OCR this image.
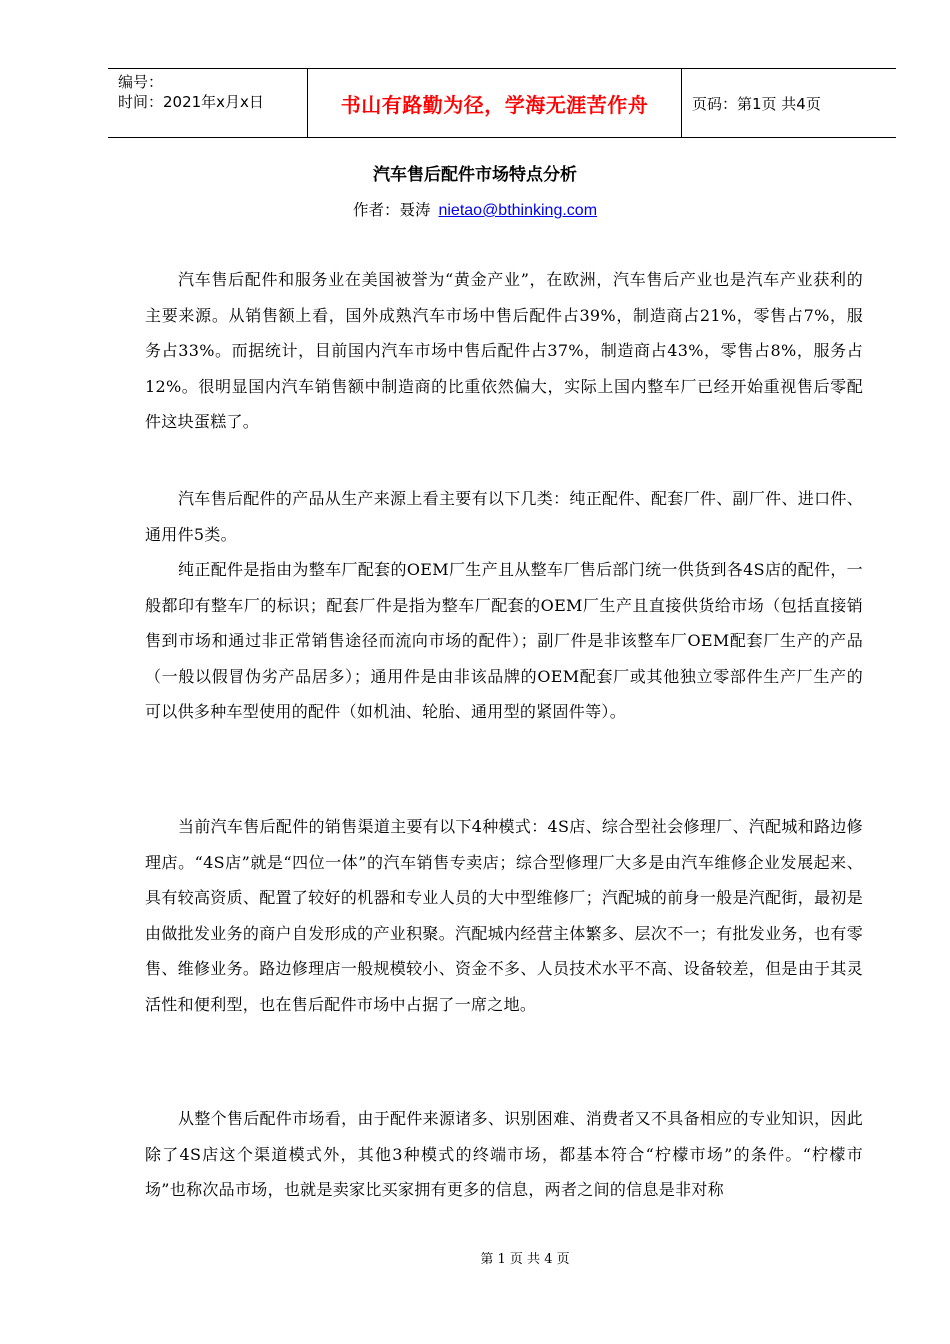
编号：
时间：2021年x月x日	书山有路勤为径，学海无涯苦作舟	页码：第1页 共4页
汽车售后配件市场特点分析
作者：聂涛 nietao@bthinking.com

汽车售后配件和服务业在美国被誉为“黄金产业”，在欧洲，汽车售后产业也是汽车产业获利的主要来源。从销售额上看，国外成熟汽车市场中售后配件占39%，制造商占21%，零售占7%，服务占33%。而据统计，目前国内汽车市场中售后配件占37%，制造商占43%，零售占8%，服务占12%。很明显国内汽车销售额中制造商的比重依然偏大，实际上国内整车厂已经开始重视售后零配件这块蛋糕了。

汽车售后配件的产品从生产来源上看主要有以下几类：纯正配件、配套厂件、副厂件、进口件、通用件5类。

纯正配件是指由为整车厂配套的OEM厂生产且从整车厂售后部门统一供货到各4S店的配件，一般都印有整车厂的标识；配套厂件是指为整车厂配套的OEM厂生产且直接供货给市场（包括直接销售到市场和通过非正常销售途径而流向市场的配件）；副厂件是非该整车厂OEM配套厂生产的产品（一般以假冒伪劣产品居多）；通用件是由非该品牌的OEM配套厂或其他独立零部件生产厂生产的可以供多种车型使用的配件（如机油、轮胎、通用型的紧固件等）。

当前汽车售后配件的销售渠道主要有以下4种模式：4S店、综合型社会修理厂、汽配城和路边修理店。“4S店”就是“四位一体”的汽车销售专卖店；综合型修理厂大多是由汽车维修企业发展起来、具有较高资质、配置了较好的机器和专业人员的大中型维修厂；汽配城的前身一般是汽配街，最初是由做批发业务的商户自发形成的产业积聚。汽配城内经营主体繁多、层次不一；有批发业务，也有零售、维修业务。路边修理店一般规模较小、资金不多、人员技术水平不高、设备较差，但是由于其灵活性和便利型，也在售后配件市场中占据了一席之地。

从整个售后配件市场看，由于配件来源诸多、识别困难、消费者又不具备相应的专业知识，因此除了4S店这个渠道模式外，其他3种模式的终端市场，都基本符合“柠檬市场”的条件。“柠檬市场”也称次品市场，也就是卖家比买家拥有更多的信息，两者之间的信息是非对称

第 1 页 共 4 页
